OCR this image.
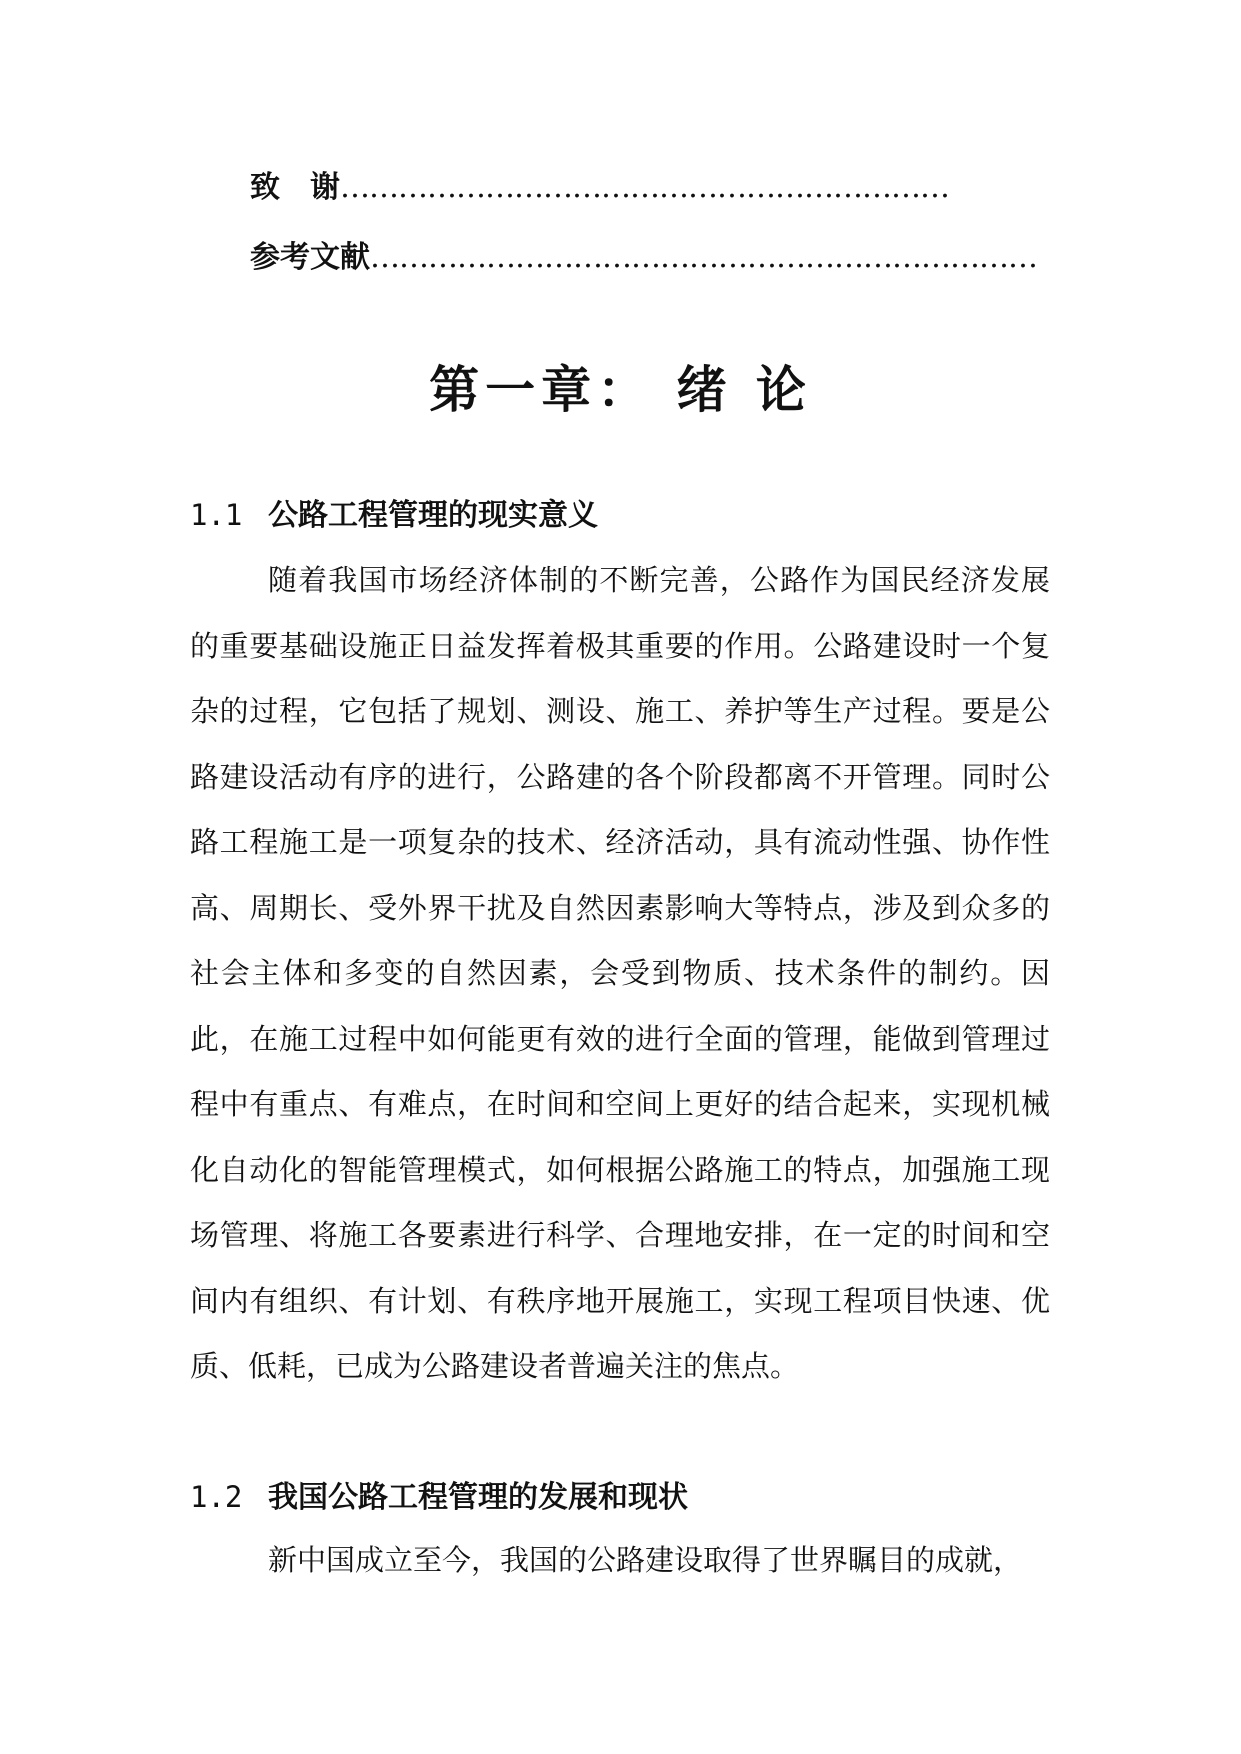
致　谢………………………………………………………
参考文献……………………………………………………………
第一章： 绪 论
1.1 公路工程管理的现实意义
随着我国市场经济体制的不断完善，公路作为国民经济发展的重要基础设施正日益发挥着极其重要的作用。公路建设时一个复杂的过程，它包括了规划、测设、施工、养护等生产过程。要是公路建设活动有序的进行，公路建的各个阶段都离不开管理。同时公路工程施工是一项复杂的技术、经济活动，具有流动性强、协作性高、周期长、受外界干扰及自然因素影响大等特点，涉及到众多的社会主体和多变的自然因素，会受到物质、技术条件的制约。因此，在施工过程中如何能更有效的进行全面的管理，能做到管理过程中有重点、有难点，在时间和空间上更好的结合起来，实现机械化自动化的智能管理模式，如何根据公路施工的特点，加强施工现场管理、将施工各要素进行科学、合理地安排，在一定的时间和空间内有组织、有计划、有秩序地开展施工，实现工程项目快速、优质、低耗，已成为公路建设者普遍关注的焦点。
1.2 我国公路工程管理的发展和现状
新中国成立至今，我国的公路建设取得了世界瞩目的成就，
